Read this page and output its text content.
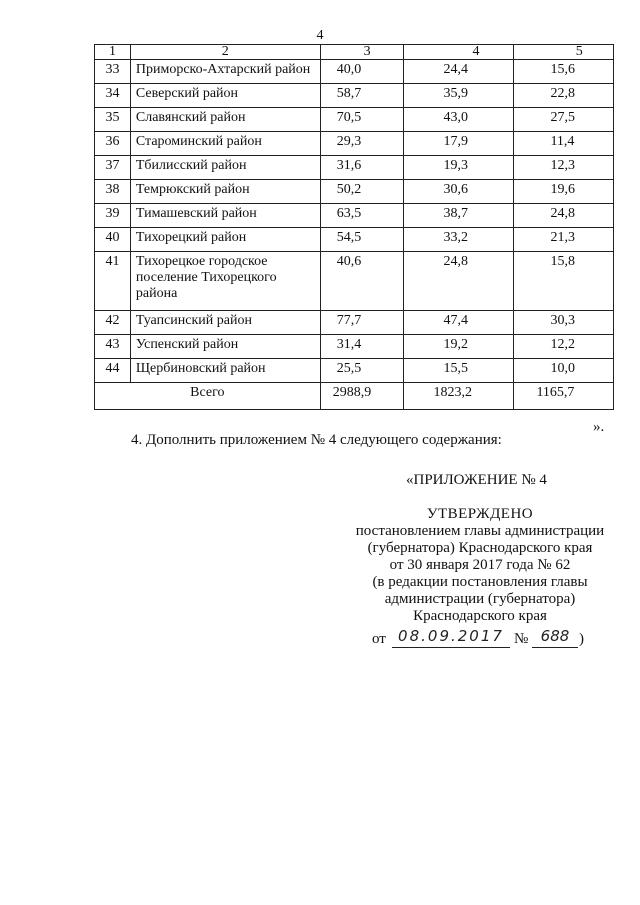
4
1	2	3	4	5
33	Приморско-Ахтарский район	40,0	24,4	15,6
34	Северский район	58,7	35,9	22,8
35	Славянский район	70,5	43,0	27,5
36	Староминский район	29,3	17,9	11,4
37	Тбилисский район	31,6	19,3	12,3
38	Темрюкский район	50,2	30,6	19,6
39	Тимашевский район	63,5	38,7	24,8
40	Тихорецкий район	54,5	33,2	21,3
41	Тихорецкое городское поселение Тихорецкого района	40,6	24,8	15,8
42	Туапсинский район	77,7	47,4	30,3
43	Успенский район	31,4	19,2	12,2
44	Щербиновский район	25,5	15,5	10,0
Всего		2988,9	1823,2	1165,7
».
4. Дополнить приложением № 4 следующего содержания:
«ПРИЛОЖЕНИЕ № 4
УТВЕРЖДЕНО
постановлением главы администрации
(губернатора) Краснодарского края
от 30 января 2017 года № 62
(в редакции постановления главы
администрации (губернатора)
Краснодарского края
от 08.09.2017 № 688 )
